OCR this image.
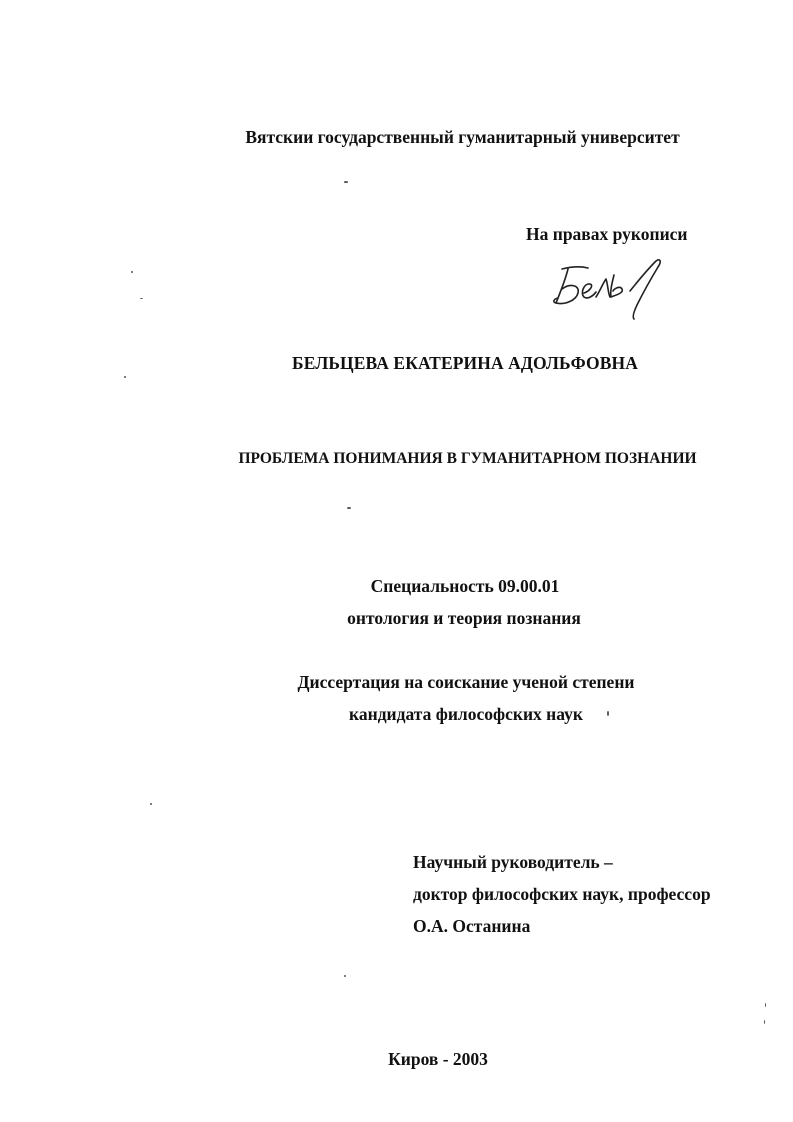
Вятскии государственный гуманитарный университет
На правах рукописи
Бель
БЕЛЬЦЕВА ЕКАТЕРИНА АДОЛЬФОВНА
ПРОБЛЕМА ПОНИМАНИЯ В ГУМАНИТАРНОМ ПОЗНАНИИ
Специальность 09.00.01
онтология и теория познания
Диссертация на соискание ученой степени
кандидата философских наук
Научный руководитель –
доктор философских наук, профессор
О.А. Останина
Киров - 2003
